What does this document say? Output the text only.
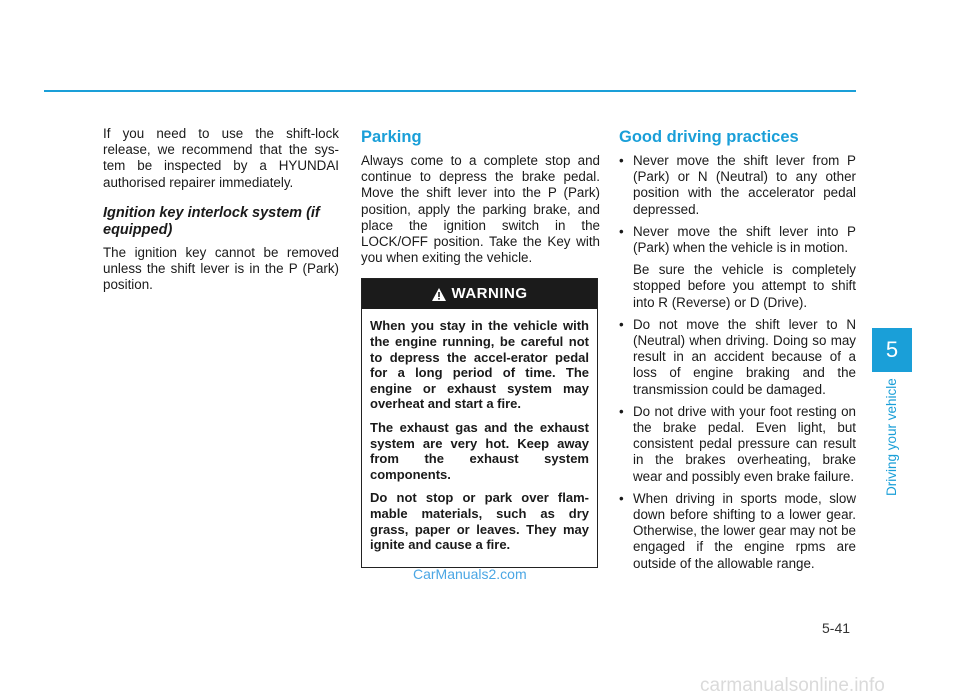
If you need to use the shift-lock release, we recommend that the sys-tem be inspected by a HYUNDAI authorised repairer immediately.

Ignition key interlock system (if equipped)

The ignition key cannot be removed unless the shift lever is in the P (Park) position.

Parking

Always come to a complete stop and continue to depress the brake pedal. Move the shift lever into the P (Park) position, apply the parking brake, and place the ignition switch in the LOCK/OFF position. Take the Key with you when exiting the vehicle.

WARNING

When you stay in the vehicle with the engine running, be careful not to depress the accel-erator pedal for a long period of time. The engine or exhaust system may overheat and start a fire.

The exhaust gas and the exhaust system are very hot. Keep away from the exhaust system components.

Do not stop or park over flam-mable materials, such as dry grass, paper or leaves. They may ignite and cause a fire.

Good driving practices
• Never move the shift lever from P (Park) or N (Neutral) to any other position with the accelerator pedal depressed.
• Never move the shift lever into P (Park) when the vehicle is in motion.

Be sure the vehicle is completely stopped before you attempt to shift into R (Reverse) or D (Drive).

• Do not move the shift lever to N (Neutral) when driving. Doing so may result in an accident because of a loss of engine braking and the transmission could be damaged.
• Do not drive with your foot resting on the brake pedal. Even light, but consistent pedal pressure can result in the brakes overheating, brake wear and possibly even brake failure.
• When driving in sports mode, slow down before shifting to a lower gear. Otherwise, the lower gear may not be engaged if the engine rpms are outside of the allowable range.
CarManuals2.com
5-41
5
Driving your vehicle
carmanualsonline.info
